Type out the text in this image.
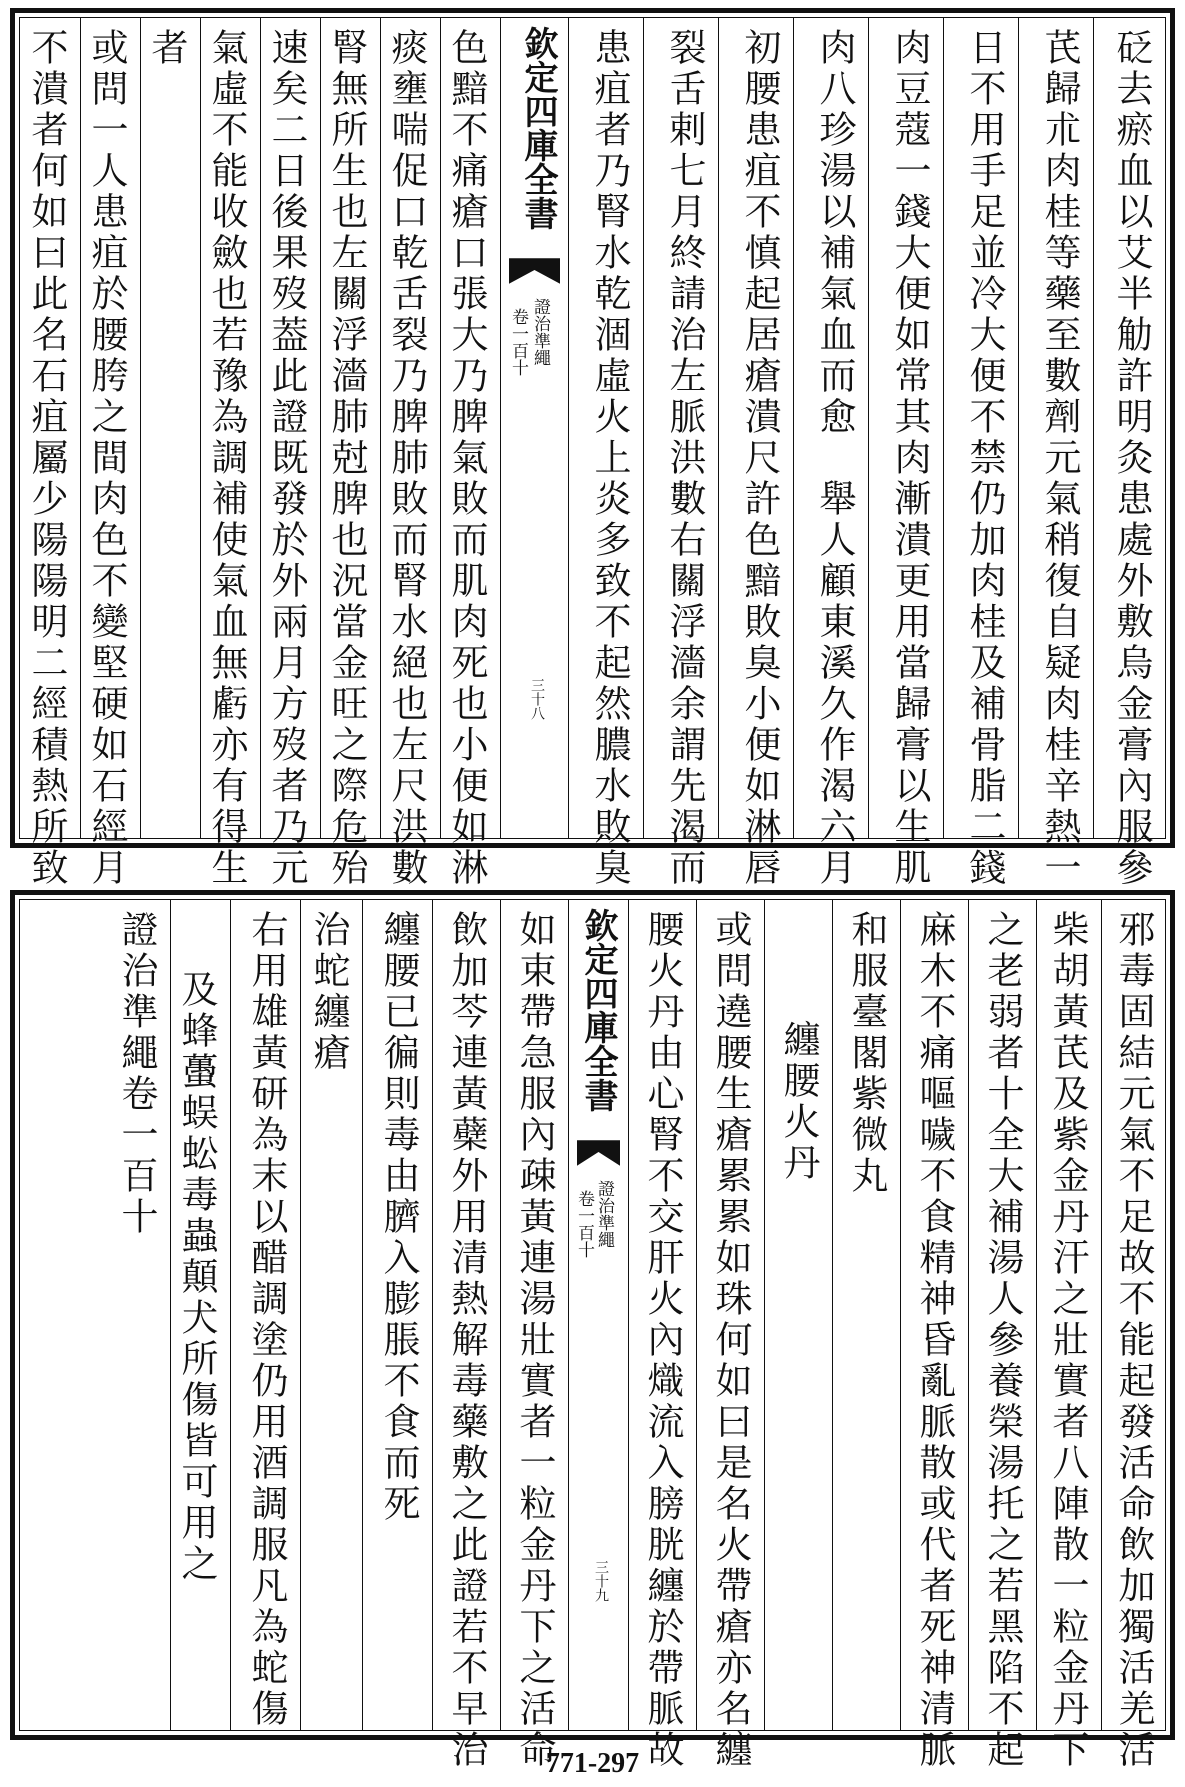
不潰者何如曰此名石疽屬少陽陽明二經積熱所致 或問一人患疽於腰胯之間肉色不變堅硬如石經月 者 氣虛不能收斂也若豫為調補使氣血無虧亦有得生 速矣二日後果歿葢此證既發於外兩月方歿者乃元 腎無所生也左關浮濇肺尅脾也況當金旺之際危殆 痰壅喘促口乾舌裂乃脾肺敗而腎水絕也左尺洪數 色黯不痛瘡口張大乃脾氣敗而肌肉死也小便如淋 欽定四庫全書
證治準繩
卷一百十
三十八	患疽者乃腎水乾涸虛火上炎多致不起然膿水敗臭 裂舌剌七月終請治左脈洪數右關浮濇余謂先渴而 初腰患疽不慎起居瘡潰尺許色黯敗臭小便如淋唇 肉八珍湯以補氣血而愈　舉人顧東溪久作渴六月 肉豆蔻一錢大便如常其肉漸潰更用當歸膏以生肌 日不用手足並冷大便不禁仍加肉桂及補骨脂二錢 芪歸朮肉桂等藥至數劑元氣稍復自疑肉桂辛熱一 砭去瘀血以艾半觔許明灸患處外敷烏金膏內服參
證治準繩卷一百十 及蜂蠆蜈蚣毒蟲顛犬所傷皆可用之 右用雄黃研為末以醋調塗仍用酒調服凡為蛇傷 治蛇纏瘡 纏腰已徧則毒由臍入膨脹不食而死 飲加芩連黃蘗外用清熱解毒藥敷之此證若不早治 如束帶急服內疎黃連湯壯實者一粒金丹下之活命 欽定四庫全書
證治準繩
卷一百十
三十九 腰火丹由心腎不交肝火內熾流入膀胱纏於帶脈故 或問遶腰生瘡累累如珠何如曰是名火帶瘡亦名纏 纏腰火丹 和服臺閣紫微丸 麻木不痛嘔噦不食精神昏亂脈散或代者死神清脈 之老弱者十全大補湯人參養榮湯托之若黑陷不起 柴胡黃芪及紫金丹汗之壯實者八陣散一粒金丹下 邪毒固結元氣不足故不能起發活命飲加獨活羌活
771-297
